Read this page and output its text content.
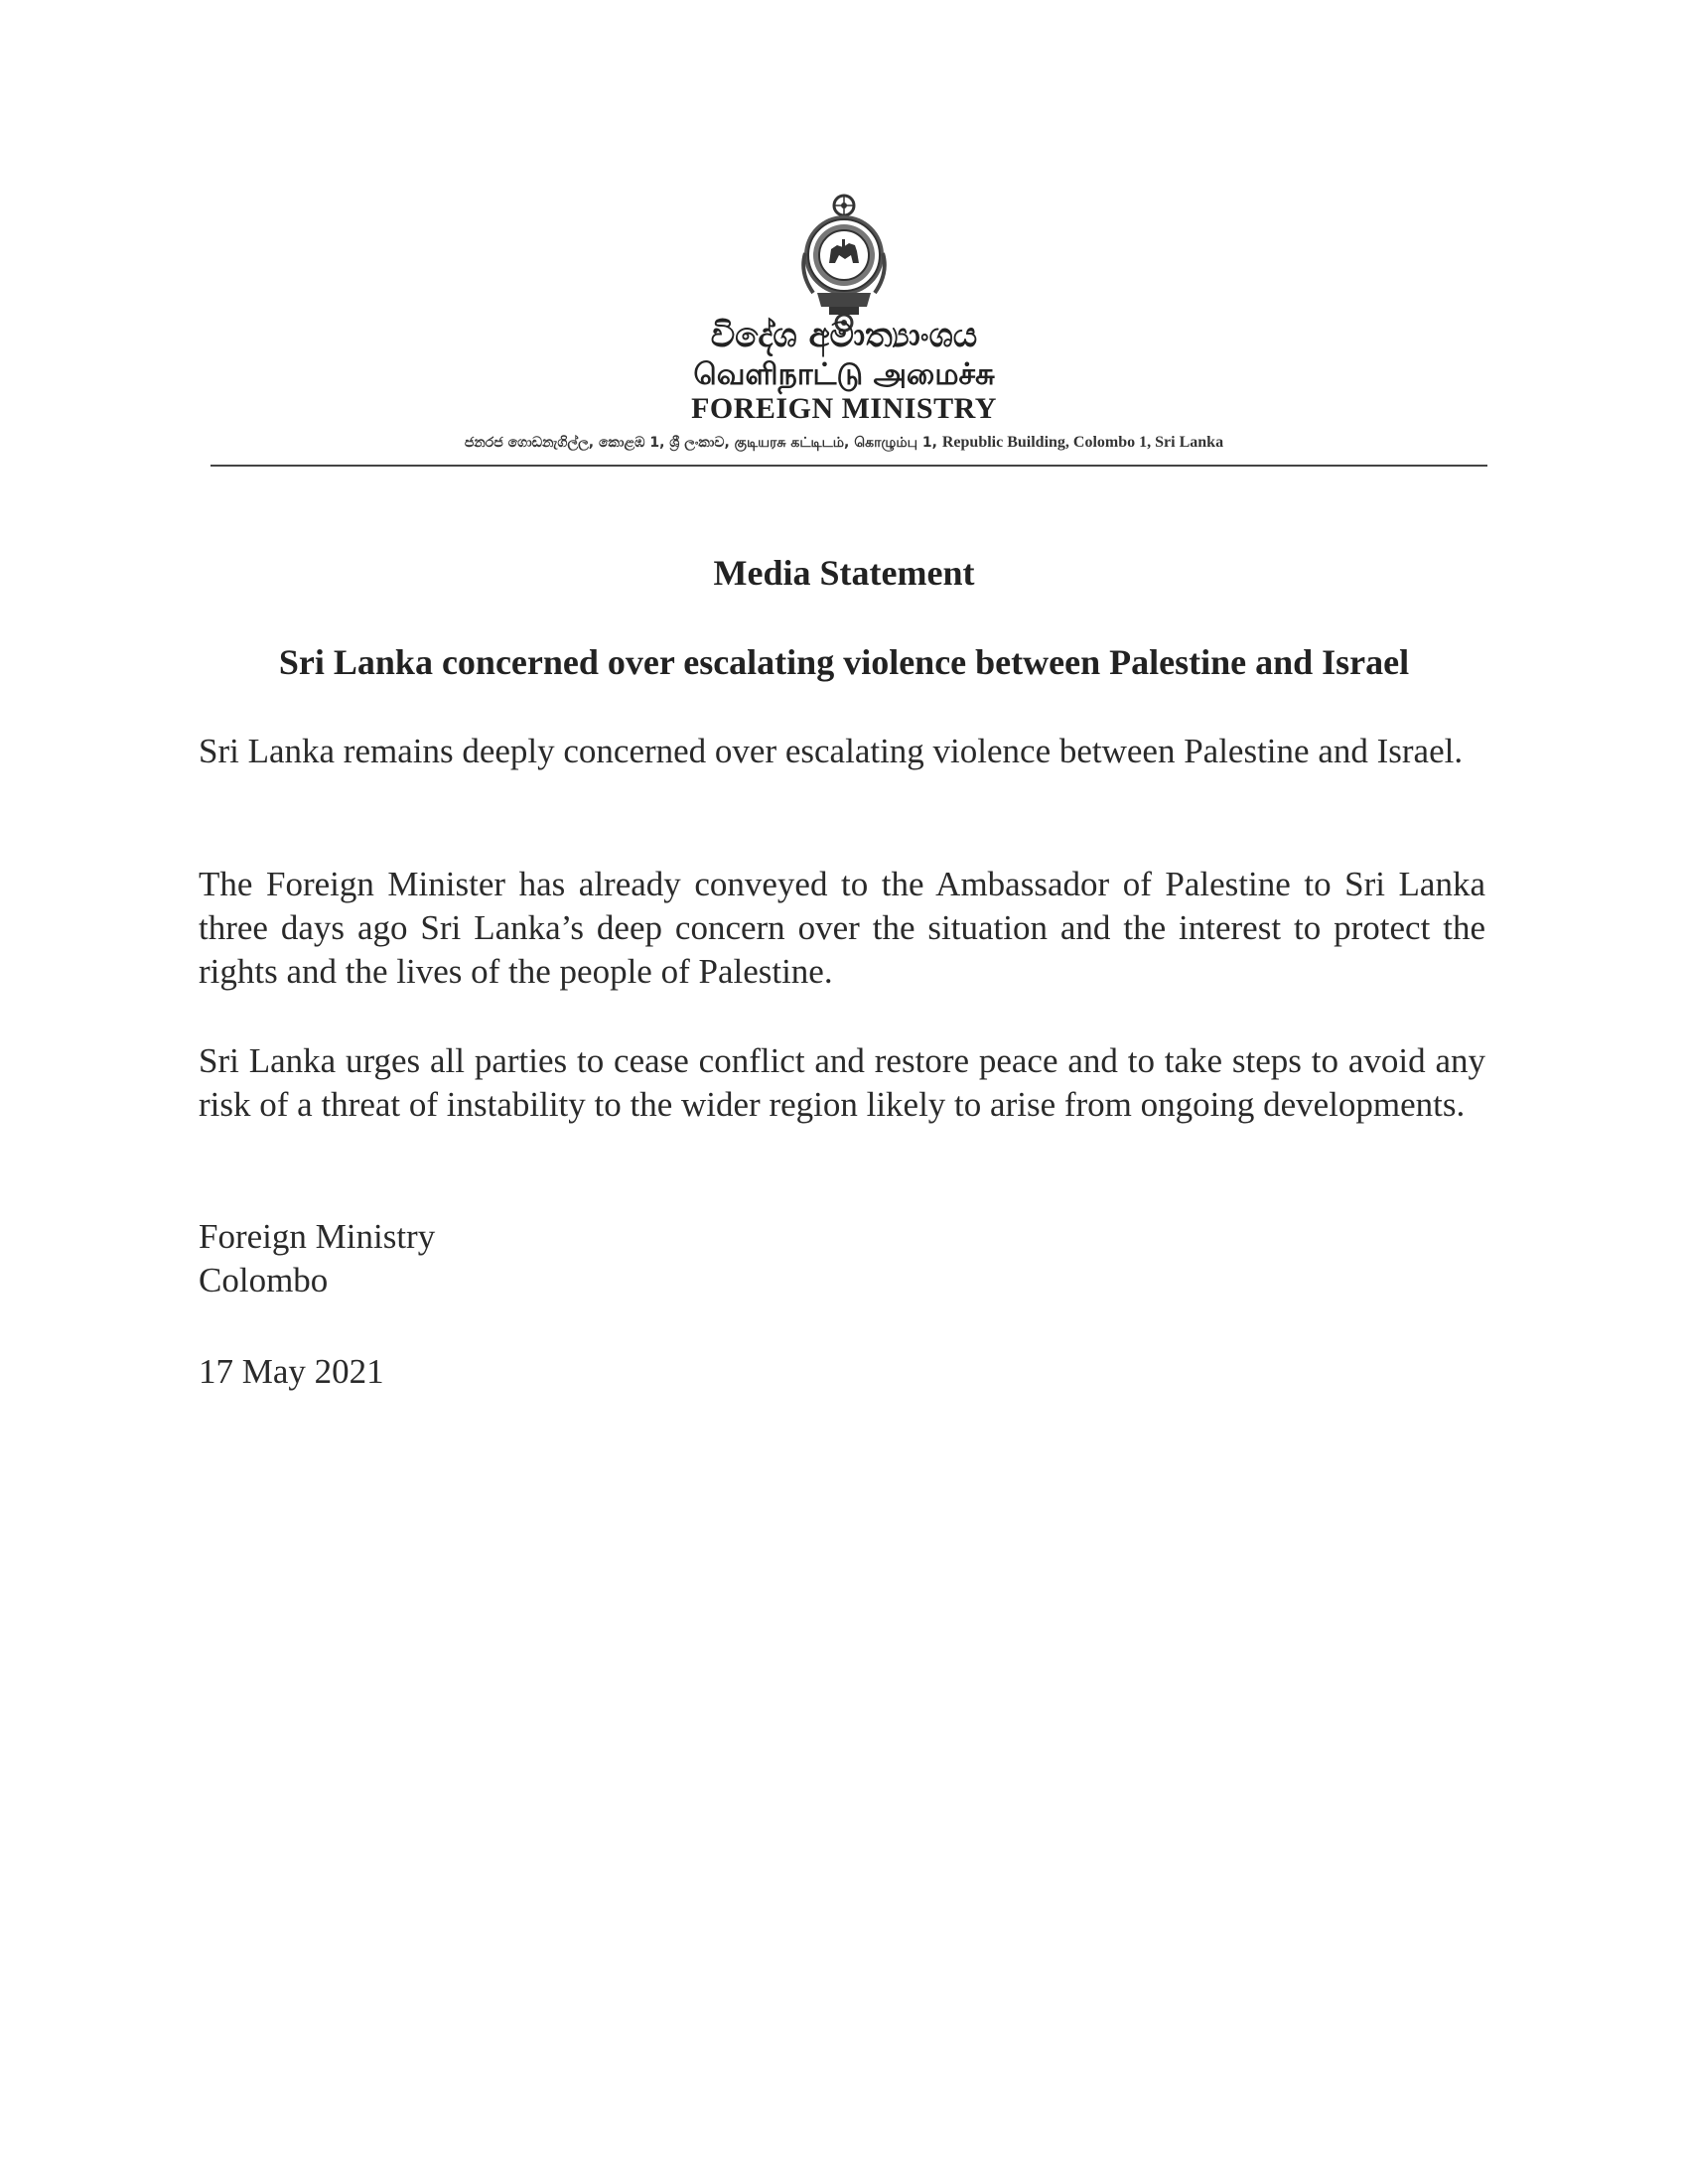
විදේශ අමාත්‍යාංශය
வெளிநாட்டு அமைச்சு
FOREIGN MINISTRY
ජනරජ ගොඩනැගිල්ල, කොළඹ 1, ශ්‍රී ලංකාව, குடியரசு கட்டிடம், கொழும்பு 1, Republic Building, Colombo 1, Sri Lanka
Media Statement
Sri Lanka concerned over escalating violence between Palestine and Israel
Sri Lanka remains deeply concerned over escalating violence between Palestine and Israel.
The Foreign Minister has already conveyed to the Ambassador of Palestine to Sri Lanka three days ago Sri Lanka’s deep concern over the situation and the interest to protect the rights and the lives of the people of Palestine.
Sri Lanka urges all parties to cease conflict and restore peace and to take steps to avoid any risk of a threat of instability to the wider region likely to arise from ongoing developments.
Foreign Ministry
Colombo
17 May 2021
